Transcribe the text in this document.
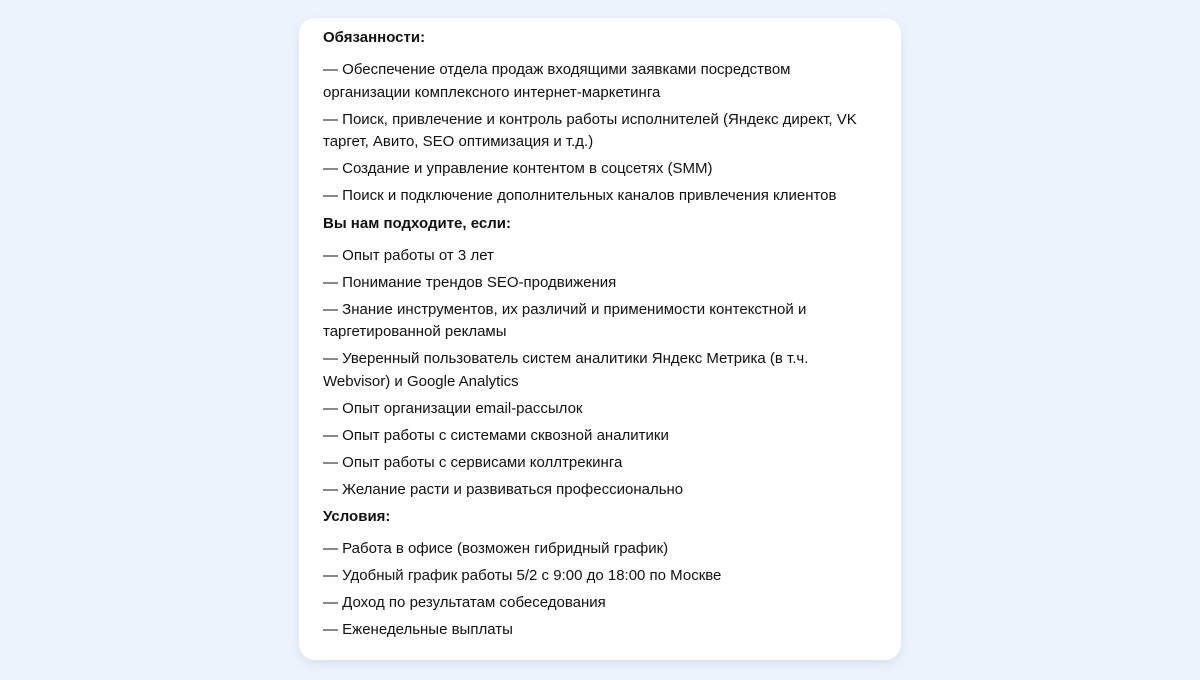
Обязанности:
— Обеспечение отдела продаж входящими заявками посредством организации комплексного интернет-маркетинга
— Поиск, привлечение и контроль работы исполнителей (Яндекс директ, VK таргет, Авито, SEO оптимизация и т.д.)
— Создание и управление контентом в соцсетях (SMM)
— Поиск и подключение дополнительных каналов привлечения клиентов
Вы нам подходите, если:
— Опыт работы от 3 лет
— Понимание трендов SEO-продвижения
— Знание инструментов, их различий и применимости контекстной и таргетированной рекламы
— Уверенный пользователь систем аналитики Яндекс Метрика (в т.ч. Webvisor) и Google Analytics
— Опыт организации email-рассылок
— Опыт работы с системами сквозной аналитики
— Опыт работы с сервисами коллтрекинга
— Желание расти и развиваться профессионально
Условия:
— Работа в офисе (возможен гибридный график)
— Удобный график работы 5/2 с 9:00 до 18:00 по Москве
— Доход по результатам собеседования
— Еженедельные выплаты
